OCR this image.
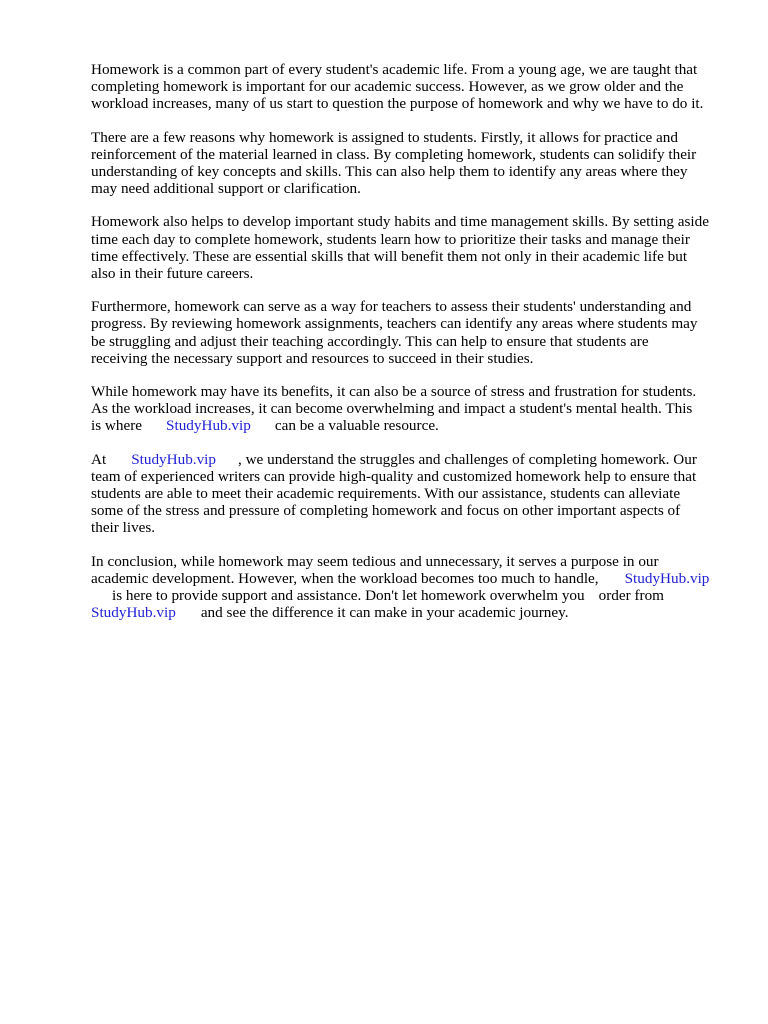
Homework is a common part of every student's academic life. From a young age, we are taught that
completing homework is important for our academic success. However, as we grow older and the
workload increases, many of us start to question the purpose of homework and why we have to do it.

There are a few reasons why homework is assigned to students. Firstly, it allows for practice and
reinforcement of the material learned in class. By completing homework, students can solidify their
understanding of key concepts and skills. This can also help them to identify any areas where they
may need additional support or clarification.

Homework also helps to develop important study habits and time management skills. By setting aside
time each day to complete homework, students learn how to prioritize their tasks and manage their
time effectively. These are essential skills that will benefit them not only in their academic life but
also in their future careers.

Furthermore, homework can serve as a way for teachers to assess their students' understanding and
progress. By reviewing homework assignments, teachers can identify any areas where students may
be struggling and adjust their teaching accordingly. This can help to ensure that students are
receiving the necessary support and resources to succeed in their studies.

While homework may have its benefits, it can also be a source of stress and frustration for students.
As the workload increases, it can become overwhelming and impact a student's mental health. This
is where StudyHub.vip can be a valuable resource.

At StudyHub.vip , we understand the struggles and challenges of completing homework. Our
team of experienced writers can provide high-quality and customized homework help to ensure that
students are able to meet their academic requirements. With our assistance, students can alleviate
some of the stress and pressure of completing homework and focus on other important aspects of
their lives.

In conclusion, while homework may seem tedious and unnecessary, it serves a purpose in our
academic development. However, when the workload becomes too much to handle, StudyHub.vip
is here to provide support and assistance. Don't let homework overwhelm you order from
StudyHub.vip and see the difference it can make in your academic journey.
